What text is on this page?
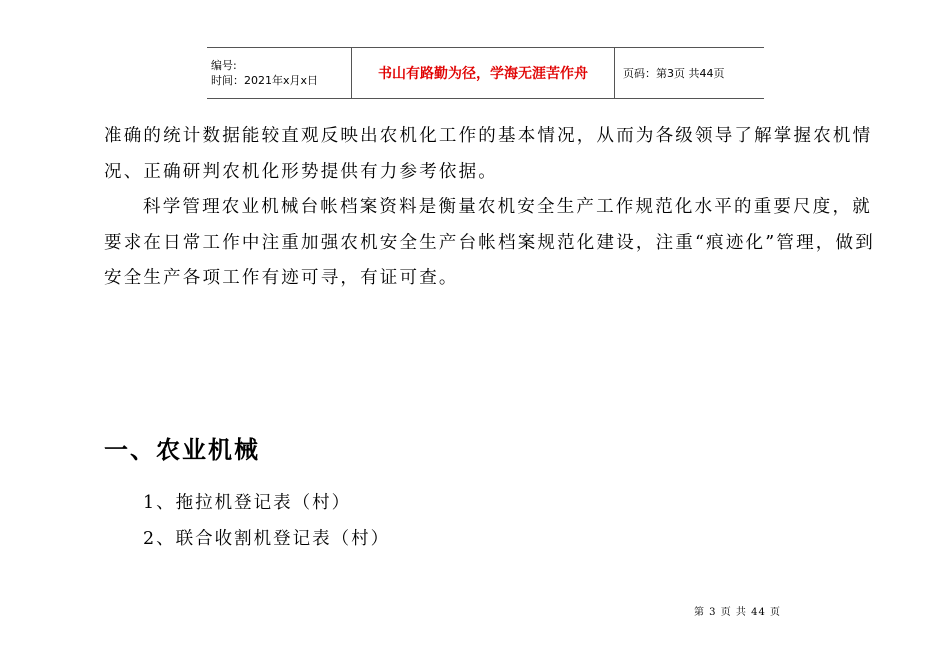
编号:
时间：2021年x月x日	书山有路勤为径，学海无涯苦作舟	页码：第3页 共44页

准确的统计数据能较直观反映出农机化工作的基本情况，从而为各级领导了解掌握农机情况、正确研判农机化形势提供有力参考依据。

科学管理农业机械台帐档案资料是衡量农机安全生产工作规范化水平的重要尺度，就要求在日常工作中注重加强农机安全生产台帐档案规范化建设，注重“痕迹化”管理，做到安全生产各项工作有迹可寻，有证可查。

一、农业机械
1、拖拉机登记表（村）
2、联合收割机登记表（村）
第 3 页 共 44 页
